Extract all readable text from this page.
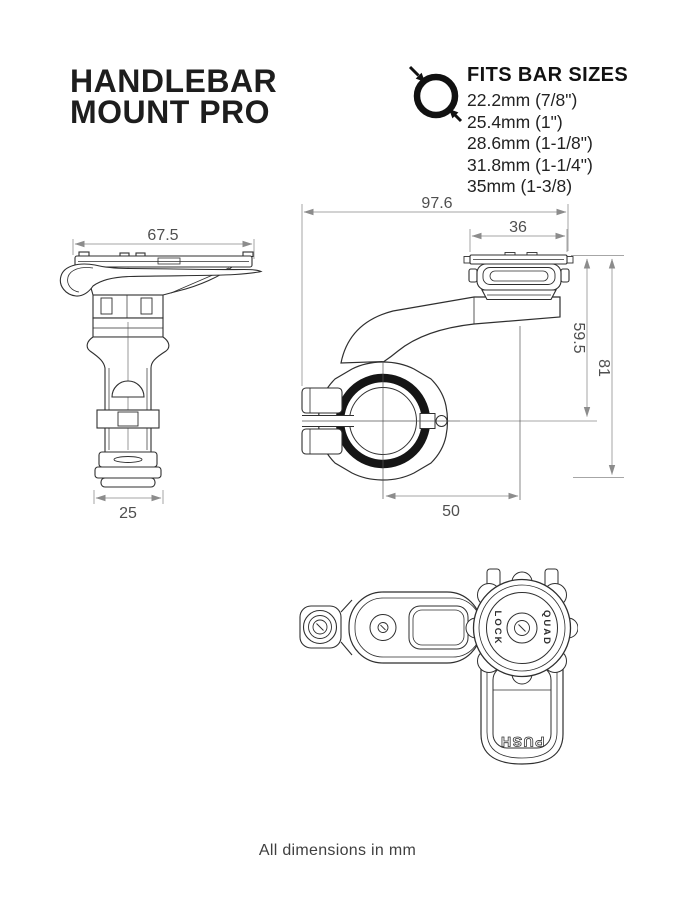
HANDLEBAR
MOUNT PRO
FITS BAR SIZES
22.2mm (7/8")
25.4mm (1")
28.6mm (1-1/8")
31.8mm (1-1/4")
35mm (1-3/8)
67.5
25
97.6
36
59.5
81
50
PUSH
LOCK	QUAD
All dimensions in mm
